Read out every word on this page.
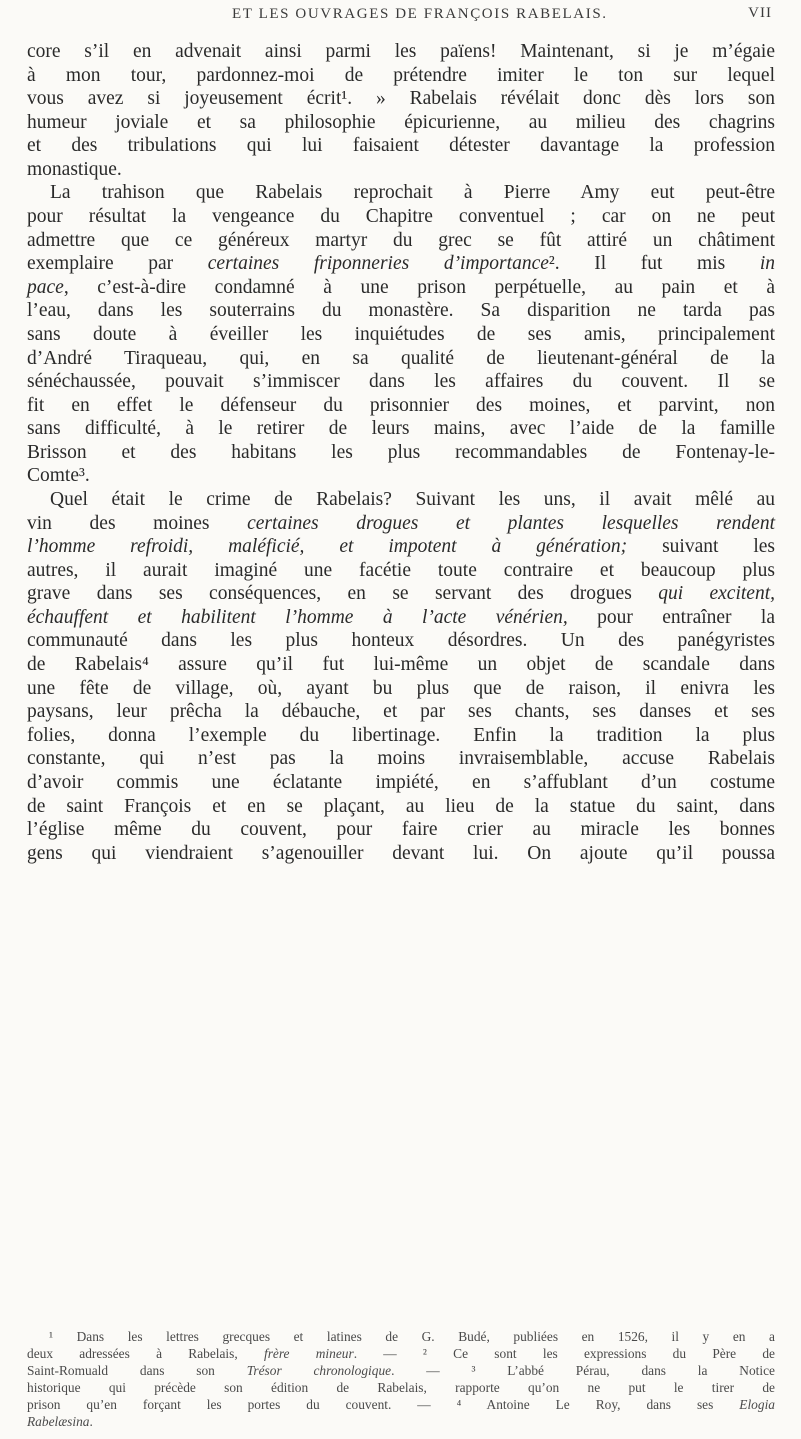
ET LES OUVRAGES DE FRANÇOIS RABELAIS.	VII
core s’il en advenait ainsi parmi les païens! Maintenant, si je m’égaie
à mon tour, pardonnez-moi de prétendre imiter le ton sur lequel
vous avez si joyeusement écrit¹. » Rabelais révélait donc dès lors son
humeur joviale et sa philosophie épicurienne, au milieu des chagrins
et des tribulations qui lui faisaient détester davantage la profession
monastique.
La trahison que Rabelais reprochait à Pierre Amy eut peut-être
pour résultat la vengeance du Chapitre conventuel ; car on ne peut
admettre que ce généreux martyr du grec se fût attiré un châtiment
exemplaire par certaines friponneries d’importance². Il fut mis in
pace, c’est-à-dire condamné à une prison perpétuelle, au pain et à
l’eau, dans les souterrains du monastère. Sa disparition ne tarda pas
sans doute à éveiller les inquiétudes de ses amis, principalement
d’André Tiraqueau, qui, en sa qualité de lieutenant-général de la
sénéchaussée, pouvait s’immiscer dans les affaires du couvent. Il se
fit en effet le défenseur du prisonnier des moines, et parvint, non
sans difficulté, à le retirer de leurs mains, avec l’aide de la famille
Brisson et des habitans les plus recommandables de Fontenay-le-
Comte³.
Quel était le crime de Rabelais? Suivant les uns, il avait mêlé au
vin des moines certaines drogues et plantes lesquelles rendent
l’homme refroidi, maléficié, et impotent à génération; suivant les
autres, il aurait imaginé une facétie toute contraire et beaucoup plus
grave dans ses conséquences, en se servant des drogues qui excitent,
échauffent et habilitent l’homme à l’acte vénérien, pour entraîner la
communauté dans les plus honteux désordres. Un des panégyristes
de Rabelais⁴ assure qu’il fut lui-même un objet de scandale dans
une fête de village, où, ayant bu plus que de raison, il enivra les
paysans, leur prêcha la débauche, et par ses chants, ses danses et ses
folies, donna l’exemple du libertinage. Enfin la tradition la plus
constante, qui n’est pas la moins invraisemblable, accuse Rabelais
d’avoir commis une éclatante impiété, en s’affublant d’un costume
de saint François et en se plaçant, au lieu de la statue du saint, dans
l’église même du couvent, pour faire crier au miracle les bonnes
gens qui viendraient s’agenouiller devant lui. On ajoute qu’il poussa
¹ Dans les lettres grecques et latines de G. Budé, publiées en 1526, il y en a
deux adressées à Rabelais, frère mineur. — ² Ce sont les expressions du Père de
Saint-Romuald dans son Trésor chronologique. — ³ L’abbé Pérau, dans la Notice
historique qui précède son édition de Rabelais, rapporte qu’on ne put le tirer de
prison qu’en forçant les portes du couvent. — ⁴ Antoine Le Roy, dans ses Elogia
Rabelæsina.
